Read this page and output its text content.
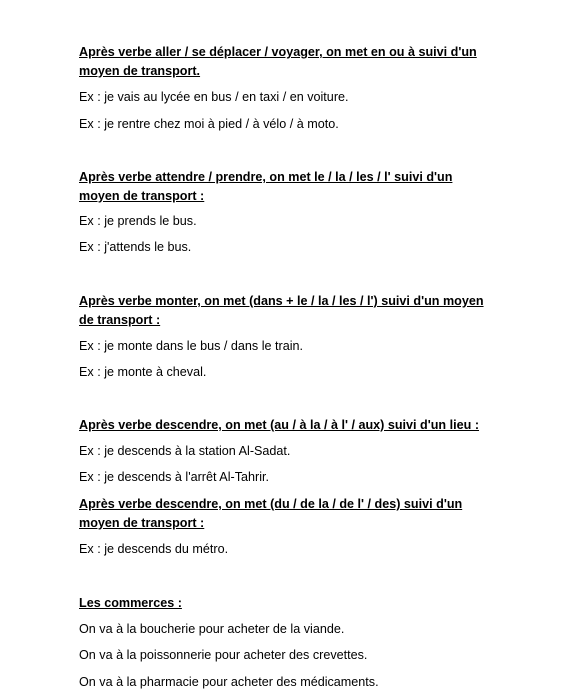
Après verbe aller / se déplacer / voyager, on met en ou à suivi d'un
moyen de transport.
Ex : je vais au lycée en bus / en taxi / en voiture.
Ex : je rentre chez moi à pied / à vélo / à moto.
Après verbe attendre / prendre, on met le / la / les / l' suivi d'un
moyen de transport :
Ex : je prends le bus.
Ex : j'attends le bus.
Après verbe monter, on met (dans + le / la / les / l') suivi d'un moyen
de transport :
Ex : je monte dans le bus / dans le train.
Ex : je monte à cheval.
Après verbe descendre, on met (au / à la / à l' / aux) suivi d'un lieu :
Ex : je descends à la station Al-Sadat.
Ex : je descends à l'arrêt Al-Tahrir.
Après verbe descendre, on met (du / de la / de l' / des) suivi d'un
moyen de transport :
Ex : je descends du métro.
Les commerces :
On va à la boucherie pour acheter de la viande.
On va à la poissonnerie pour acheter des crevettes.
On va à la pharmacie pour acheter des médicaments.
